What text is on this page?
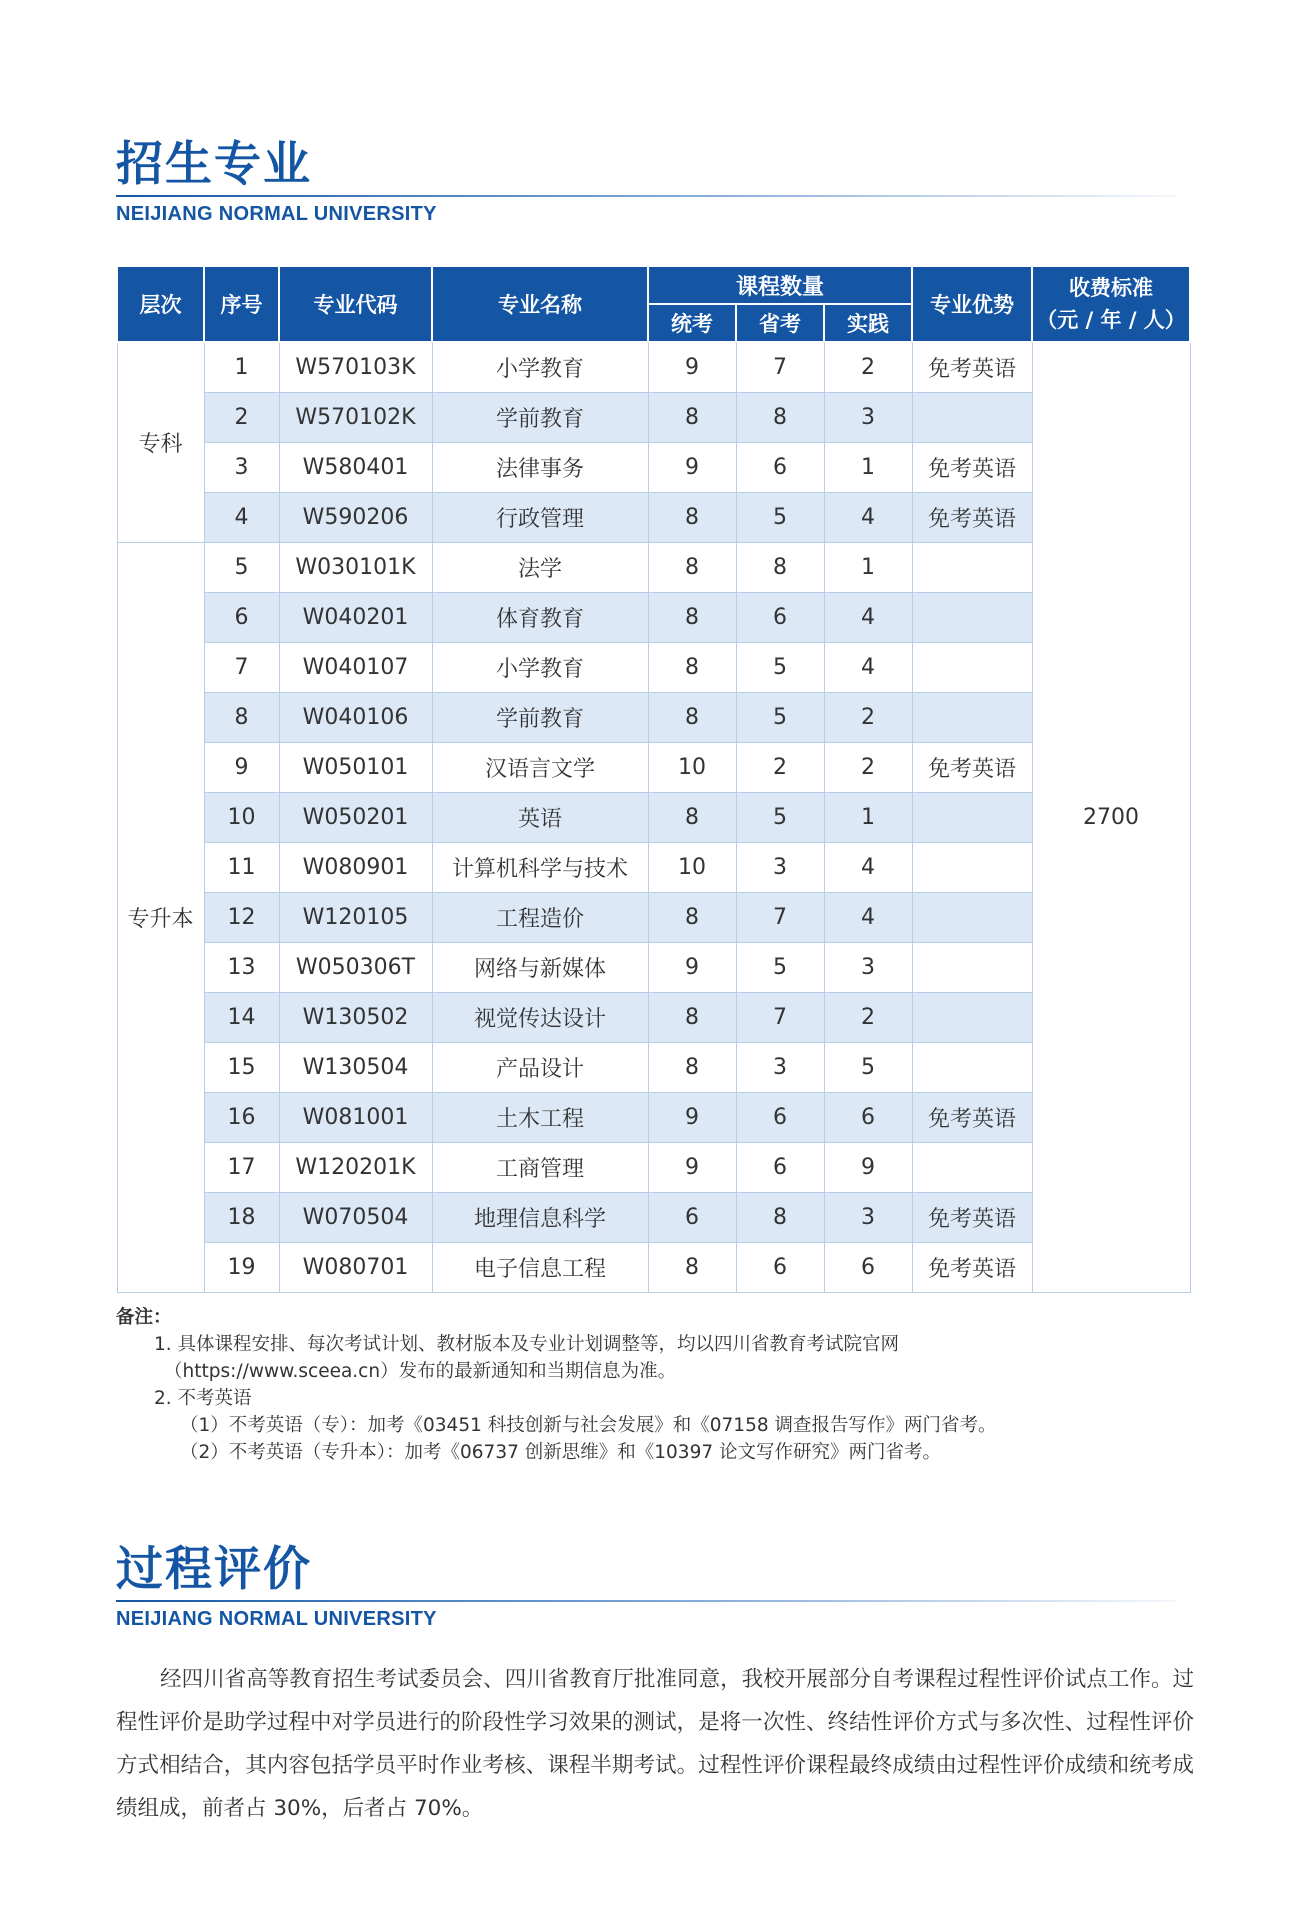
招生专业
NEIJIANG NORMAL UNIVERSITY
层次	序号	专业代码	专业名称	课程数量			专业优势	收费标准
（元 / 年 / 人）

				统考	省考	实践		
专科	1	W570103K	小学教育	9	7	2	免考英语	2700
	2	W570102K	学前教育	8	8	3		
	3	W580401	法律事务	9	6	1	免考英语	
	4	W590206	行政管理	8	5	4	免考英语	
专升本	5	W030101K	法学	8	8	1		
	6	W040201	体育教育	8	6	4		
	7	W040107	小学教育	8	5	4		
	8	W040106	学前教育	8	5	2		
	9	W050101	汉语言文学	10	2	2	免考英语	
	10	W050201	英语	8	5	1		
	11	W080901	计算机科学与技术	10	3	4		
	12	W120105	工程造价	8	7	4		
	13	W050306T	网络与新媒体	9	5	3		
	14	W130502	视觉传达设计	8	7	2		
	15	W130504	产品设计	8	3	5		
	16	W081001	土木工程	9	6	6	免考英语	
	17	W120201K	工商管理	9	6	9		
	18	W070504	地理信息科学	6	8	3	免考英语	
	19	W080701	电子信息工程	8	6	6	免考英语	
备注：
1. 具体课程安排、每次考试计划、教材版本及专业计划调整等，均以四川省教育考试院官网
（https://www.sceea.cn）发布的最新通知和当期信息为准。
2. 不考英语
（1）不考英语（专）：加考《03451 科技创新与社会发展》和《07158 调查报告写作》两门省考。
（2）不考英语（专升本）：加考《06737 创新思维》和《10397 论文写作研究》两门省考。
过程评价
NEIJIANG NORMAL UNIVERSITY
经四川省高等教育招生考试委员会、四川省教育厅批准同意，我校开展部分自考课程过程性评价试点工作。过程性评价是助学过程中对学员进行的阶段性学习效果的测试，是将一次性、终结性评价方式与多次性、过程性评价方式相结合，其内容包括学员平时作业考核、课程半期考试。过程性评价课程最终成绩由过程性评价成绩和统考成绩组成，前者占 30%，后者占 70%。
